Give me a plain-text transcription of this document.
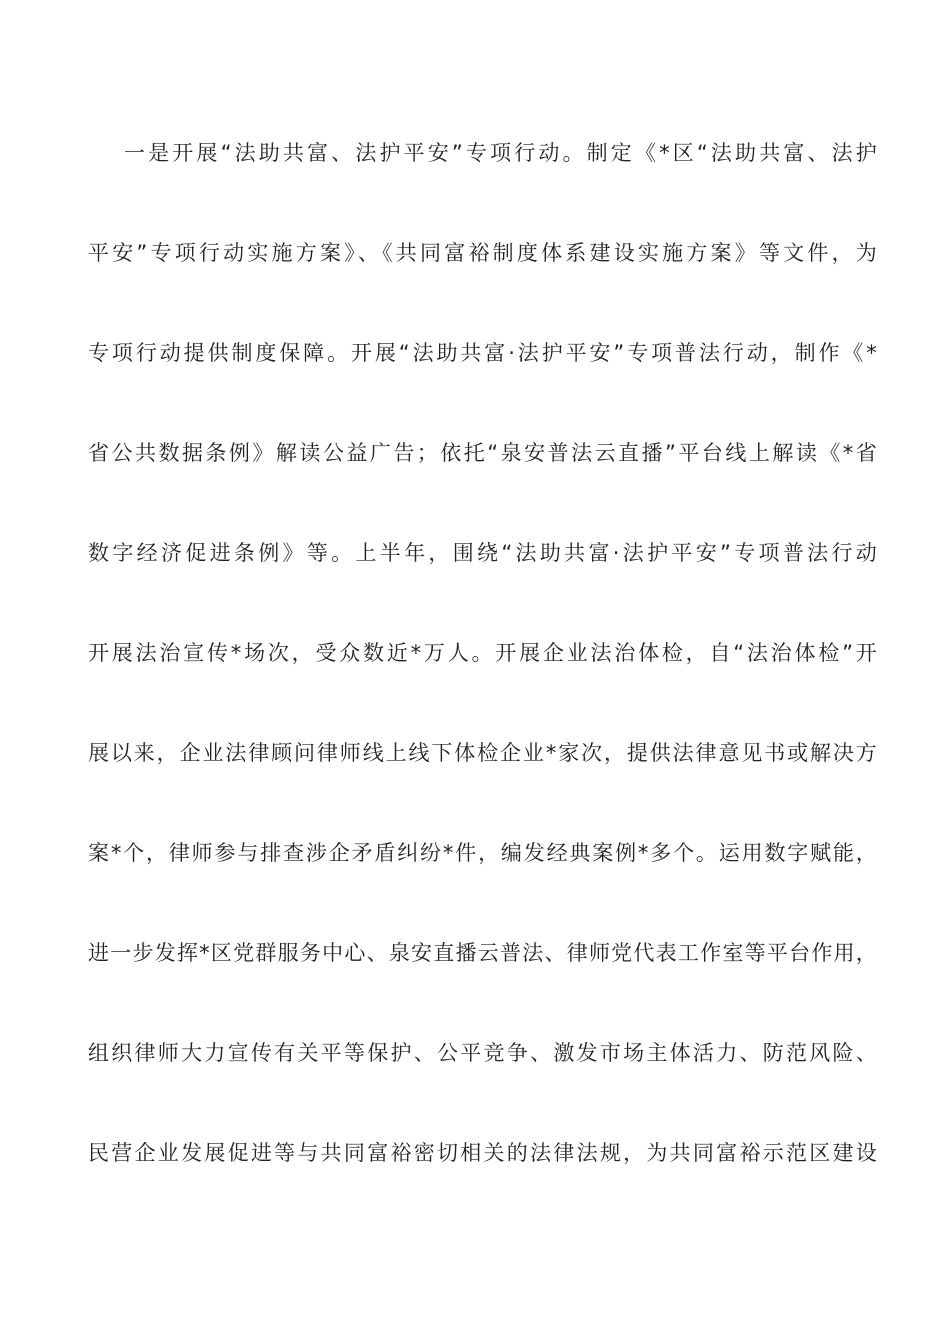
一是开展“法助共富、法护平安”专项行动。制定《*区“法助共富、法护
平安”专项行动实施方案》、《共同富裕制度体系建设实施方案》等文件，为
专项行动提供制度保障。开展“法助共富·法护平安”专项普法行动，制作《*
省公共数据条例》解读公益广告；依托“泉安普法云直播”平台线上解读《*省
数字经济促进条例》等。上半年，围绕“法助共富·法护平安”专项普法行动
开展法治宣传*场次，受众数近*万人。开展企业法治体检，自“法治体检”开
展以来，企业法律顾问律师线上线下体检企业*家次，提供法律意见书或解决方
案*个，律师参与排查涉企矛盾纠纷*件，编发经典案例*多个。运用数字赋能，
进一步发挥*区党群服务中心、泉安直播云普法、律师党代表工作室等平台作用，
组织律师大力宣传有关平等保护、公平竞争、激发市场主体活力、防范风险、
民营企业发展促进等与共同富裕密切相关的法律法规，为共同富裕示范区建设
